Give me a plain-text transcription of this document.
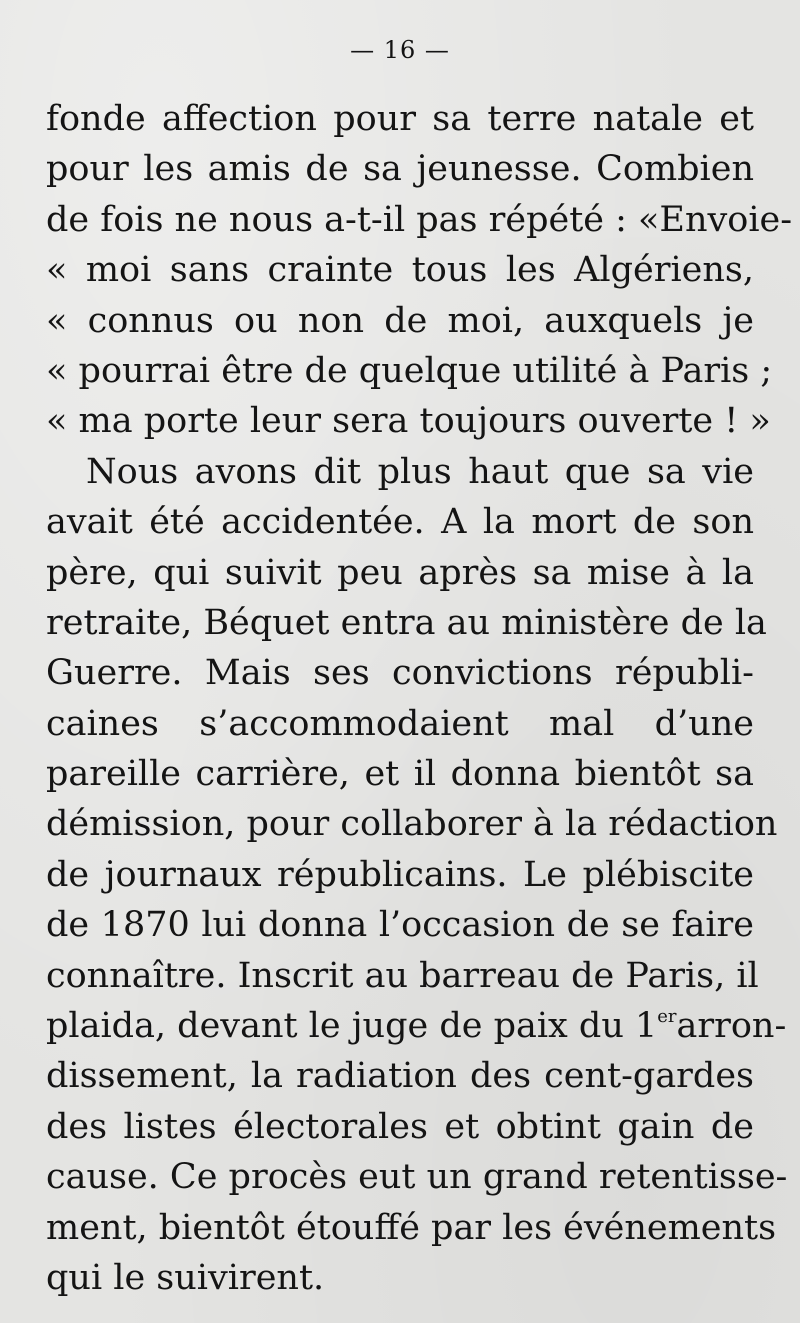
— 16 —
fonde affection pour sa terre natale et
pour les amis de sa jeunesse. Combien
de fois ne nous a-t-il pas répété : «Envoie-
« moi sans crainte tous les Algériens,
« connus ou non de moi, auxquels je
« pourrai être de quelque utilité à Paris ;
« ma porte leur sera toujours ouverte ! »
Nous avons dit plus haut que sa vie
avait été accidentée. A la mort de son
père, qui suivit peu après sa mise à la
retraite, Béquet entra au ministère de la
Guerre. Mais ses convictions républi-
caines s’accommodaient mal d’une
pareille carrière, et il donna bientôt sa
démission, pour collaborer à la rédaction
de journaux républicains. Le plébiscite
de 1870 lui donna l’occasion de se faire
connaître. Inscrit au barreau de Paris, il
plaida, devant le juge de paix du 1erarron-
dissement, la radiation des cent-gardes
des listes électorales et obtint gain de
cause. Ce procès eut un grand retentisse-
ment, bientôt étouffé par les événements
qui le suivirent.
